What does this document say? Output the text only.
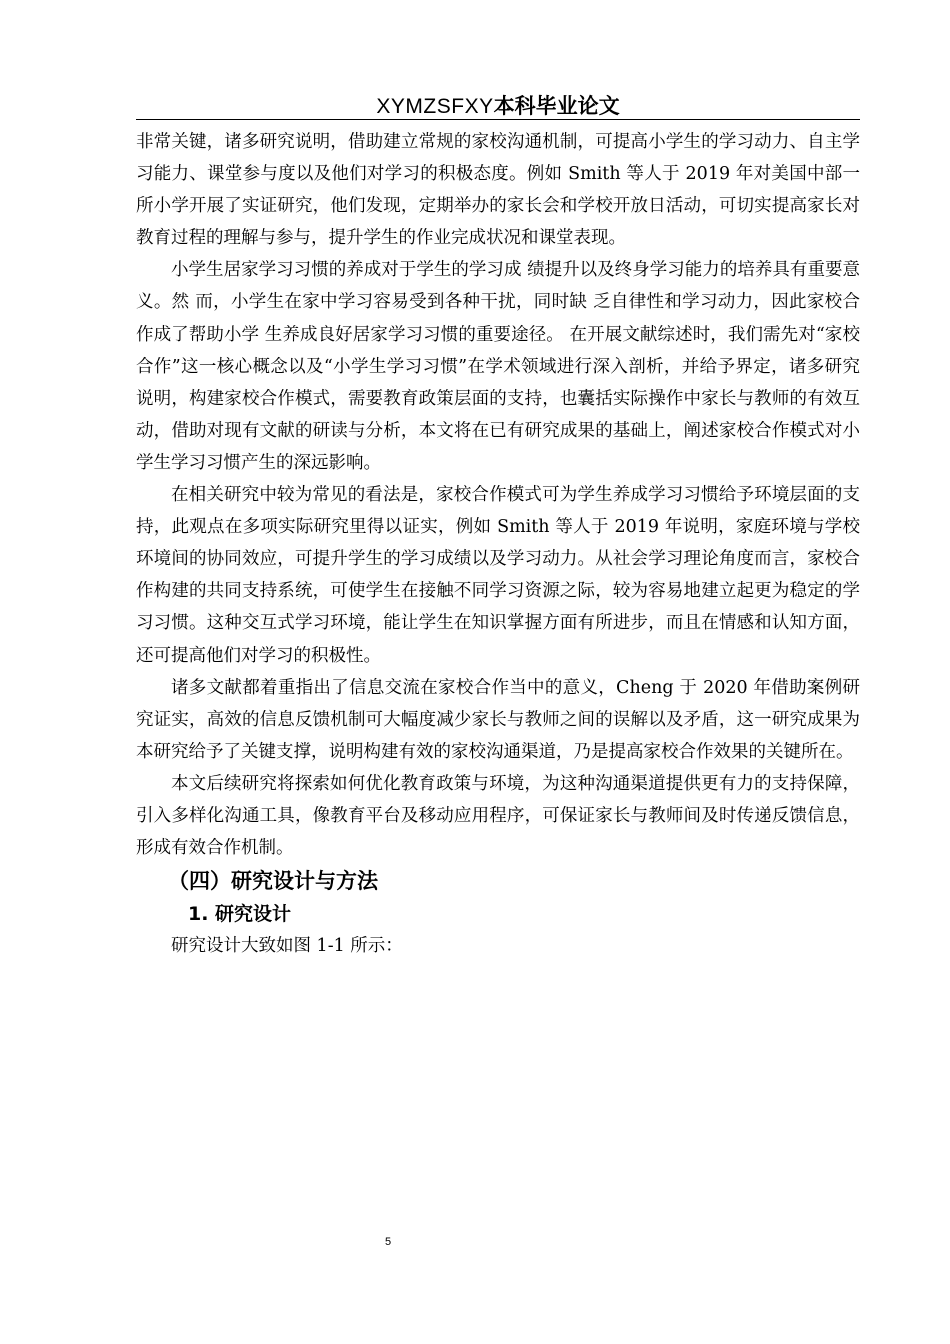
XYMZSFXY本科毕业论文

非常关键，诸多研究说明，借助建立常规的家校沟通机制，可提高小学生的学习动力、自主学习能力、课堂参与度以及他们对学习的积极态度。例如 Smith 等人于 2019 年对美国中部一所小学开展了实证研究，他们发现，定期举办的家长会和学校开放日活动，可切实提高家长对教育过程的理解与参与，提升学生的作业完成状况和课堂表现。

小学生居家学习习惯的养成对于学生的学习成 绩提升以及终身学习能力的培养具有重要意义。然 而，小学生在家中学习容易受到各种干扰，同时缺 乏自律性和学习动力，因此家校合作成了帮助小学 生养成良好居家学习习惯的重要途径。 在开展文献综述时，我们需先对“家校合作”这一核心概念以及“小学生学习习惯”在学术领域进行深入剖析，并给予界定，诸多研究说明，构建家校合作模式，需要教育政策层面的支持，也囊括实际操作中家长与教师的有效互动，借助对现有文献的研读与分析，本文将在已有研究成果的基础上，阐述家校合作模式对小学生学习习惯产生的深远影响。

在相关研究中较为常见的看法是，家校合作模式可为学生养成学习习惯给予环境层面的支持，此观点在多项实际研究里得以证实，例如 Smith 等人于 2019 年说明，家庭环境与学校环境间的协同效应，可提升学生的学习成绩以及学习动力。从社会学习理论角度而言，家校合作构建的共同支持系统，可使学生在接触不同学习资源之际，较为容易地建立起更为稳定的学习习惯。这种交互式学习环境，能让学生在知识掌握方面有所进步，而且在情感和认知方面，还可提高他们对学习的积极性。

诸多文献都着重指出了信息交流在家校合作当中的意义，Cheng 于 2020 年借助案例研究证实，高效的信息反馈机制可大幅度减少家长与教师之间的误解以及矛盾，这一研究成果为本研究给予了关键支撑，说明构建有效的家校沟通渠道，乃是提高家校合作效果的关键所在。

本文后续研究将探索如何优化教育政策与环境，为这种沟通渠道提供更有力的支持保障，引入多样化沟通工具，像教育平台及移动应用程序，可保证家长与教师间及时传递反馈信息，形成有效合作机制。

（四）研究设计与方法
1. 研究设计

研究设计大致如图 1-1 所示：

5
